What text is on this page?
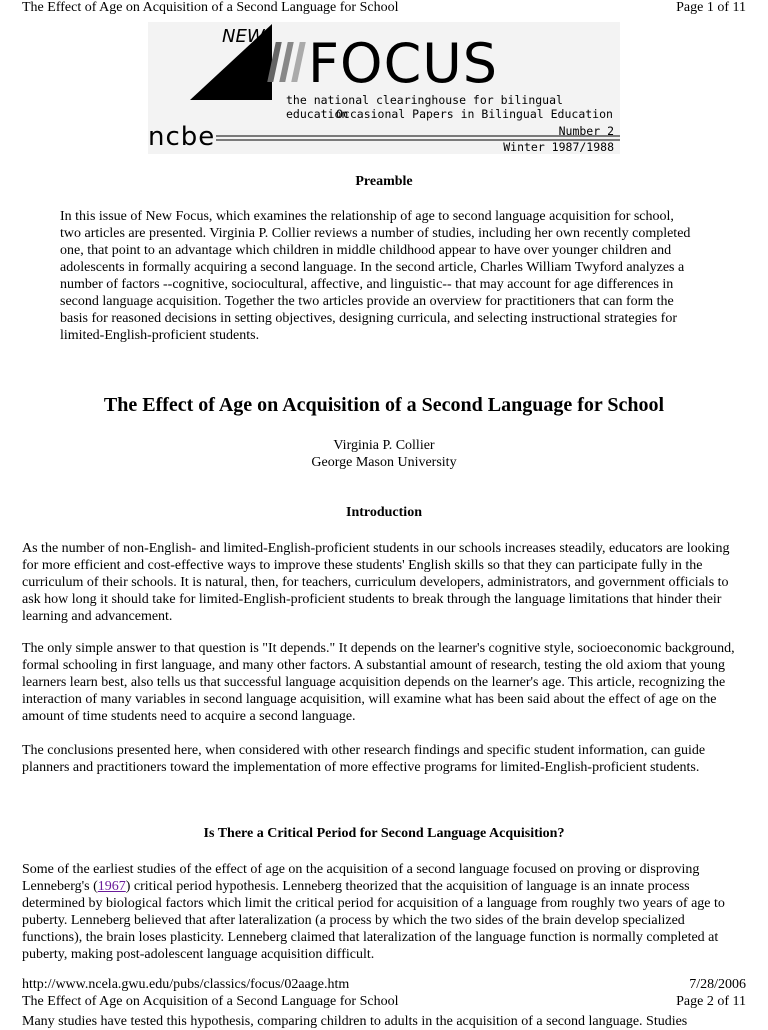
The Effect of Age on Acquisition of a Second Language for School	Page 1 of 11
NEW FOCUS
the national clearinghouse for bilingual education
Occasional Papers in Bilingual Education
ncbe	Number 2
Winter 1987/1988
Preamble

In this issue of New Focus, which examines the relationship of age to second language acquisition for school, two articles are presented. Virginia P. Collier reviews a number of studies, including her own recently completed one, that point to an advantage which children in middle childhood appear to have over younger children and adolescents in formally acquiring a second language. In the second article, Charles William Twyford analyzes a number of factors --cognitive, sociocultural, affective, and linguistic-- that may account for age differences in second language acquisition. Together the two articles provide an overview for practitioners that can form the basis for reasoned decisions in setting objectives, designing curricula, and selecting instructional strategies for limited-English-proficient students.

The Effect of Age on Acquisition of a Second Language for School
Virginia P. Collier
George Mason University
Introduction

As the number of non-English- and limited-English-proficient students in our schools increases steadily, educators are looking for more efficient and cost-effective ways to improve these students' English skills so that they can participate fully in the curriculum of their schools. It is natural, then, for teachers, curriculum developers, administrators, and government officials to ask how long it should take for limited-English-proficient students to break through the language limitations that hinder their learning and advancement.

The only simple answer to that question is "It depends." It depends on the learner's cognitive style, socioeconomic background, formal schooling in first language, and many other factors. A substantial amount of research, testing the old axiom that young learners learn best, also tells us that successful language acquisition depends on the learner's age. This article, recognizing the interaction of many variables in second language acquisition, will examine what has been said about the effect of age on the amount of time students need to acquire a second language.

The conclusions presented here, when considered with other research findings and specific student information, can guide planners and practitioners toward the implementation of more effective programs for limited-English-proficient students.

Is There a Critical Period for Second Language Acquisition?

Some of the earliest studies of the effect of age on the acquisition of a second language focused on proving or disproving Lenneberg's (1967) critical period hypothesis. Lenneberg theorized that the acquisition of language is an innate process determined by biological factors which limit the critical period for acquisition of a language from roughly two years of age to puberty. Lenneberg believed that after lateralization (a process by which the two sides of the brain develop specialized functions), the brain loses plasticity. Lenneberg claimed that lateralization of the language function is normally completed at puberty, making post-adolescent language acquisition difficult.

http://www.ncela.gwu.edu/pubs/classics/focus/02aage.htm	7/28/2006
The Effect of Age on Acquisition of a Second Language for School	Page 2 of 11
Many studies have tested this hypothesis, comparing children to adults in the acquisition of a second language. Studies
